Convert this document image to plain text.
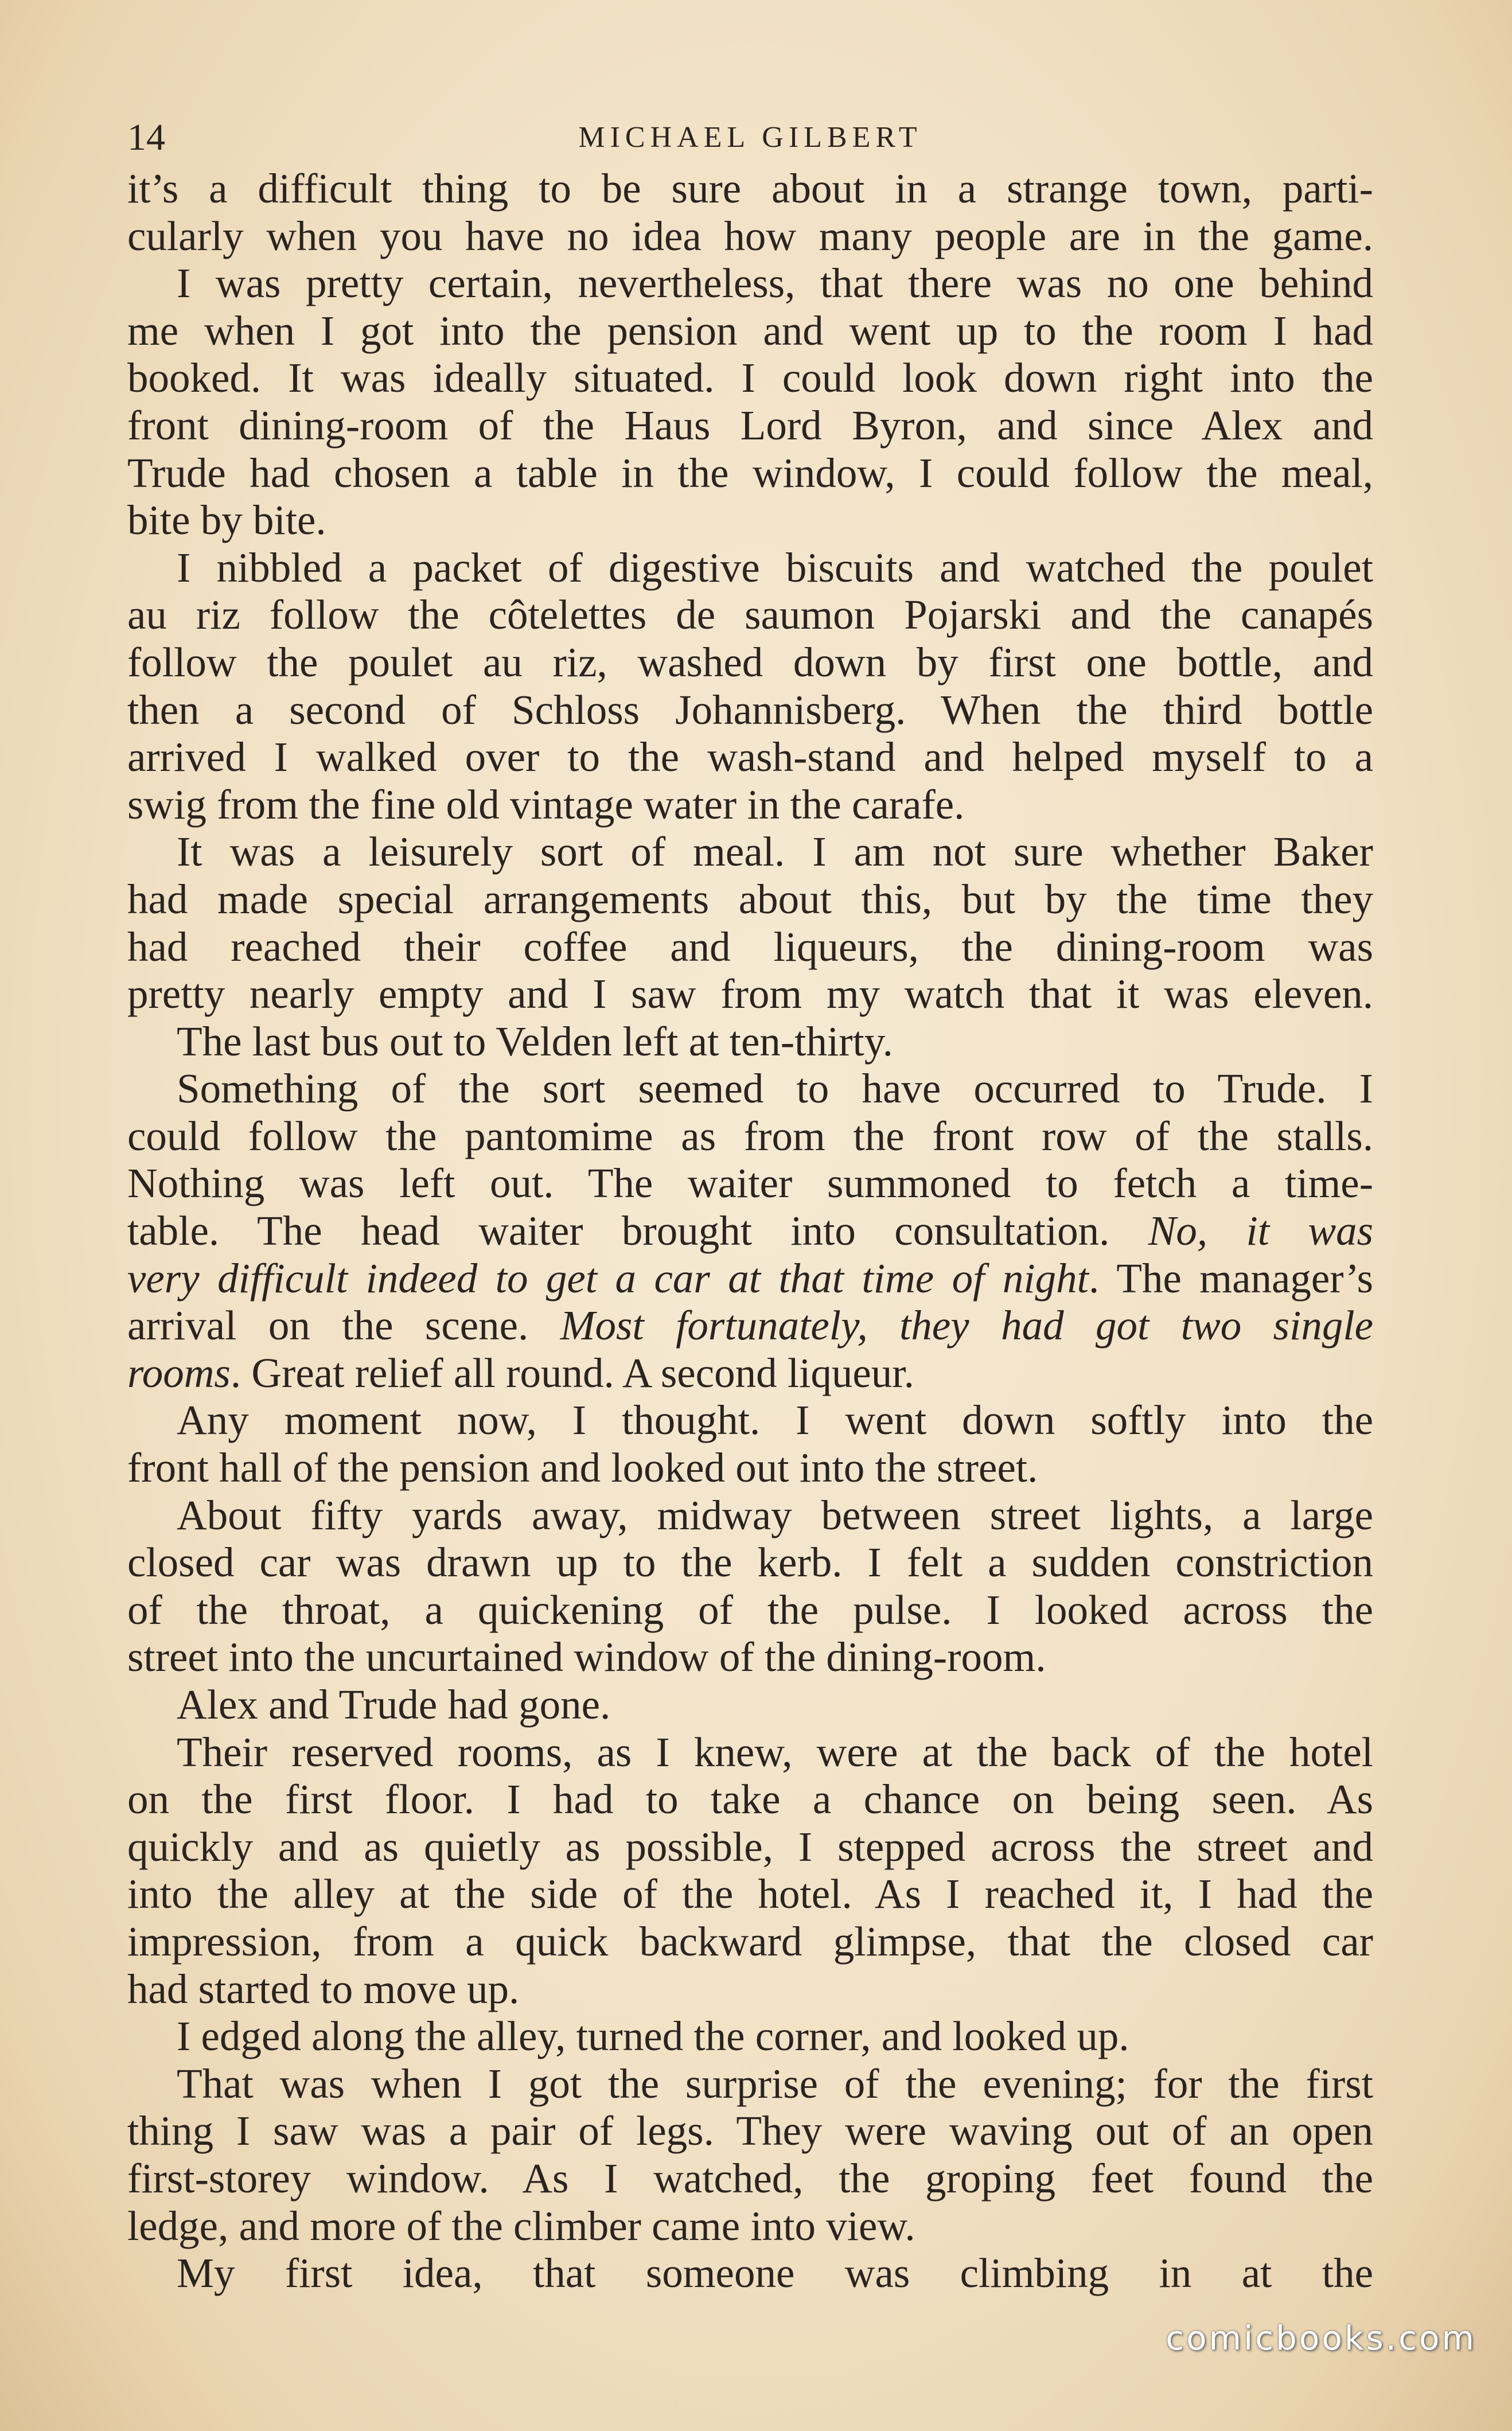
14	MICHAEL GILBERT
it’s a difficult thing to be sure about in a strange town, parti-
cularly when you have no idea how many people are in the game.
I was pretty certain, nevertheless, that there was no one behind
me when I got into the pension and went up to the room I had
booked. It was ideally situated. I could look down right into the
front dining-room of the Haus Lord Byron, and since Alex and
Trude had chosen a table in the window, I could follow the meal,
bite by bite.
I nibbled a packet of digestive biscuits and watched the poulet
au riz follow the côtelettes de saumon Pojarski and the canapés
follow the poulet au riz, washed down by first one bottle, and
then a second of Schloss Johannisberg. When the third bottle
arrived I walked over to the wash-stand and helped myself to a
swig from the fine old vintage water in the carafe.
It was a leisurely sort of meal. I am not sure whether Baker
had made special arrangements about this, but by the time they
had reached their coffee and liqueurs, the dining-room was
pretty nearly empty and I saw from my watch that it was eleven.
The last bus out to Velden left at ten-thirty.
Something of the sort seemed to have occurred to Trude. I
could follow the pantomime as from the front row of the stalls.
Nothing was left out. The waiter summoned to fetch a time-
table. The head waiter brought into consultation. No, it was
very difficult indeed to get a car at that time of night. The manager’s
arrival on the scene. Most fortunately, they had got two single
rooms. Great relief all round. A second liqueur.
Any moment now, I thought. I went down softly into the
front hall of the pension and looked out into the street.
About fifty yards away, midway between street lights, a large
closed car was drawn up to the kerb. I felt a sudden constriction
of the throat, a quickening of the pulse. I looked across the
street into the uncurtained window of the dining-room.
Alex and Trude had gone.
Their reserved rooms, as I knew, were at the back of the hotel
on the first floor. I had to take a chance on being seen. As
quickly and as quietly as possible, I stepped across the street and
into the alley at the side of the hotel. As I reached it, I had the
impression, from a quick backward glimpse, that the closed car
had started to move up.
I edged along the alley, turned the corner, and looked up.
That was when I got the surprise of the evening; for the first
thing I saw was a pair of legs. They were waving out of an open
first-storey window. As I watched, the groping feet found the
ledge, and more of the climber came into view.
My first idea, that someone was climbing in at the
comicbooks.com
